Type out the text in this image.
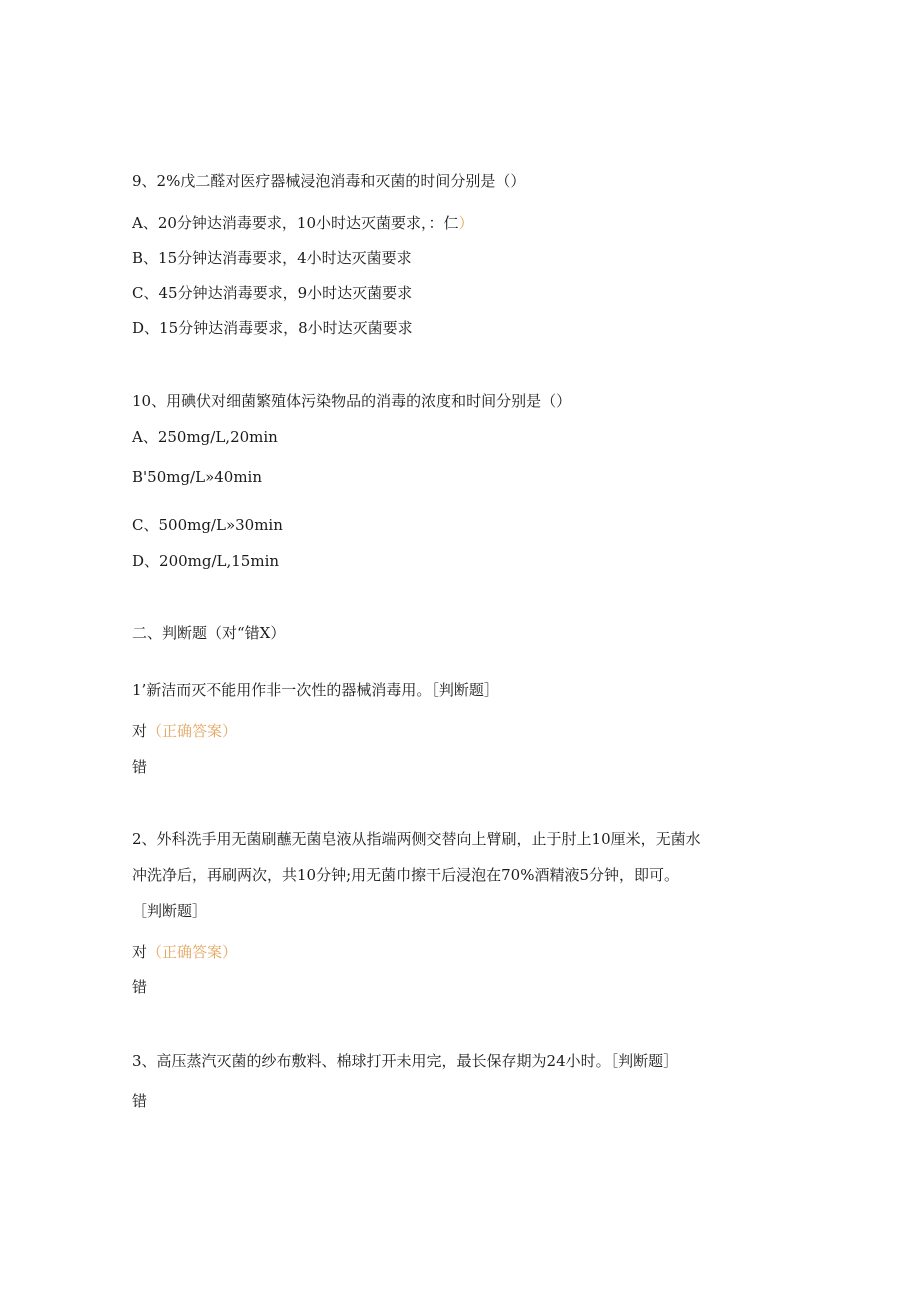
9、2%戊二醛对医疗器械浸泡消毒和灭菌的时间分别是（）
A、20分钟达消毒要求，10小时达灭菌要求，：仁）
B、15分钟达消毒要求，4小时达灭菌要求
C、45分钟达消毒要求，9小时达灭菌要求
D、15分钟达消毒要求，8小时达灭菌要求
10、用碘伏对细菌繁殖体污染物品的消毒的浓度和时间分别是（）
A、250mg/L,20min
B'50mg/L»40min
C、500mg/L»30min
D、200mg/L,15min
二、判断题（对“错X）
1’新洁而灭不能用作非一次性的器械消毒用。［判断题］
对（正确答案）
错
2、外科洗手用无菌刷蘸无菌皂液从指端两侧交替向上臂刷，止于肘上10厘米，无菌水
冲洗净后，再刷两次，共10分钟;用无菌巾擦干后浸泡在70%酒精液5分钟，即可。
［判断题］
对（正确答案）
错
3、高压蒸汽灭菌的纱布敷料、棉球打开未用完，最长保存期为24小时。［判断题］
错
